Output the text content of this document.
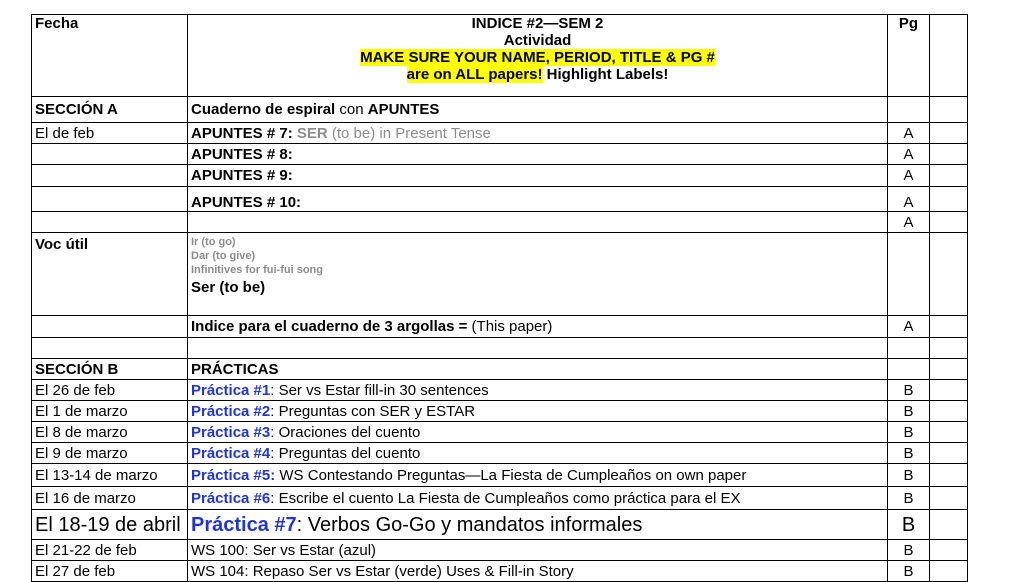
Fecha	INDICE #2—SEM 2
Actividad
MAKE SURE YOUR NAME, PERIOD, TITLE & PG #
are on ALL papers! Highlight Labels!	Pg	
SECCIÓN A	Cuaderno de espiral con APUNTES		
El de feb	APUNTES # 7: SER (to be) in Present Tense	A	
	APUNTES # 8:	A	
	APUNTES # 9:	A	
	APUNTES # 10:	A	
		A	
Voc útil	Ir (to go)
Dar (to give)
Infinitives for fui-fui song
Ser (to be)		

	Indice para el cuaderno de 3 argollas = (This paper)	A	

SECCIÓN B	PRÁCTICAS		
El 26 de feb	Práctica #1: Ser vs Estar fill-in 30 sentences	B	
El 1 de marzo	Práctica #2: Preguntas con SER y ESTAR	B	
El 8 de marzo	Práctica #3: Oraciones del cuento	B	
El 9 de marzo	Práctica #4: Preguntas del cuento	B	
El 13-14 de marzo	Práctica #5: WS Contestando Preguntas—La Fiesta de Cumpleaños on own paper	B	
El 16 de marzo	Práctica #6: Escribe el cuento La Fiesta de Cumpleaños como práctica para el EX	B	
El 18-19 de abril	Práctica #7: Verbos Go-Go y mandatos informales	B	
El 21-22 de feb	WS 100: Ser vs Estar (azul)	B	
El 27 de feb	WS 104: Repaso Ser vs Estar (verde) Uses & Fill-in Story	B	
